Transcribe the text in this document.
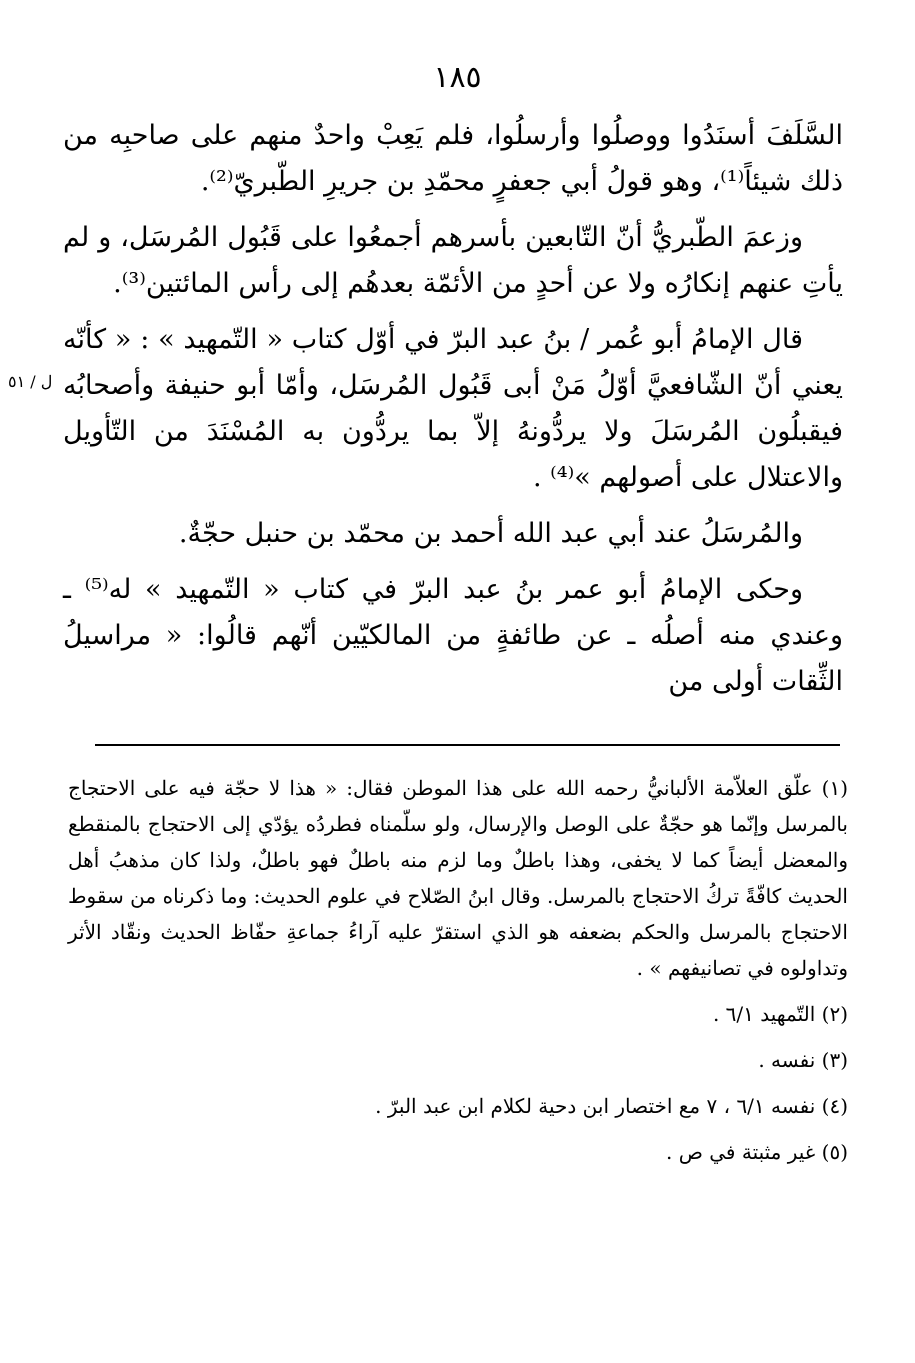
١٨٥
ل / ٥١

السَّلَفَ أسنَدُوا ووصلُوا وأرسلُوا، فلم يَعِبْ واحدٌ منهم على صاحبِه من ذلك شيئاً⁽¹⁾، وهو قولُ أبي جعفرٍ محمّدِ بن جريرِ الطّبريّ⁽²⁾.

وزعمَ الطّبريُّ أنّ التّابعين بأسرهم أجمعُوا على قَبُول المُرسَل، و لم يأتِ عنهم إنكارُه ولا عن أحدٍ من الأئمّة بعدهُم إلى رأس المائتين⁽³⁾.

قال الإمامُ أبو عُمر / بنُ عبد البرّ في أوّل كتاب « التّمهيد » : « كأنّه يعني أنّ الشّافعيَّ أوّلُ مَنْ أبى قَبُول المُرسَل، وأمّا أبو حنيفة وأصحابُه فيقبلُون المُرسَلَ ولا يردُّونهُ إلاّ بما يردُّون به المُسْنَدَ من التّأويل والاعتلال على أصولهم »⁽⁴⁾ .

والمُرسَلُ عند أبي عبد الله أحمد بن محمّد بن حنبل حجّةٌ.

وحكى الإمامُ أبو عمر بنُ عبد البرّ في كتاب « التّمهيد » له⁽⁵⁾ ـ وعندي منه أصلُه ـ عن طائفةٍ من المالكيّين أنّهم قالُوا: « مراسيلُ الثِّقات أولى من

(١) علّق العلاّمة الألبانيُّ رحمه الله على هذا الموطن فقال: « هذا لا حجّة فيه على الاحتجاج بالمرسل وإنّما هو حجّةٌ على الوصل والإرسال، ولو سلّمناه فطردُه يؤدّي إلى الاحتجاج بالمنقطع والمعضل أيضاً كما لا يخفى، وهذا باطلٌ وما لزم منه باطلٌ فهو باطلٌ، ولذا كان مذهبُ أهل الحديث كافّةً تركُ الاحتجاج بالمرسل. وقال ابنُ الصّلاح في علوم الحديث: وما ذكرناه من سقوط الاحتجاج بالمرسل والحكم بضعفه هو الذي استقرّ عليه آراءُ جماعةِ حفّاظ الحديث ونقّاد الأثر وتداولوه في تصانيفهم » .

(٢) التّمهيد ٦/١ .

(٣) نفسه .

(٤) نفسه ٦/١ ، ٧ مع اختصار ابن دحية لكلام ابن عبد البرّ .

(٥) غير مثبتة في ص .
